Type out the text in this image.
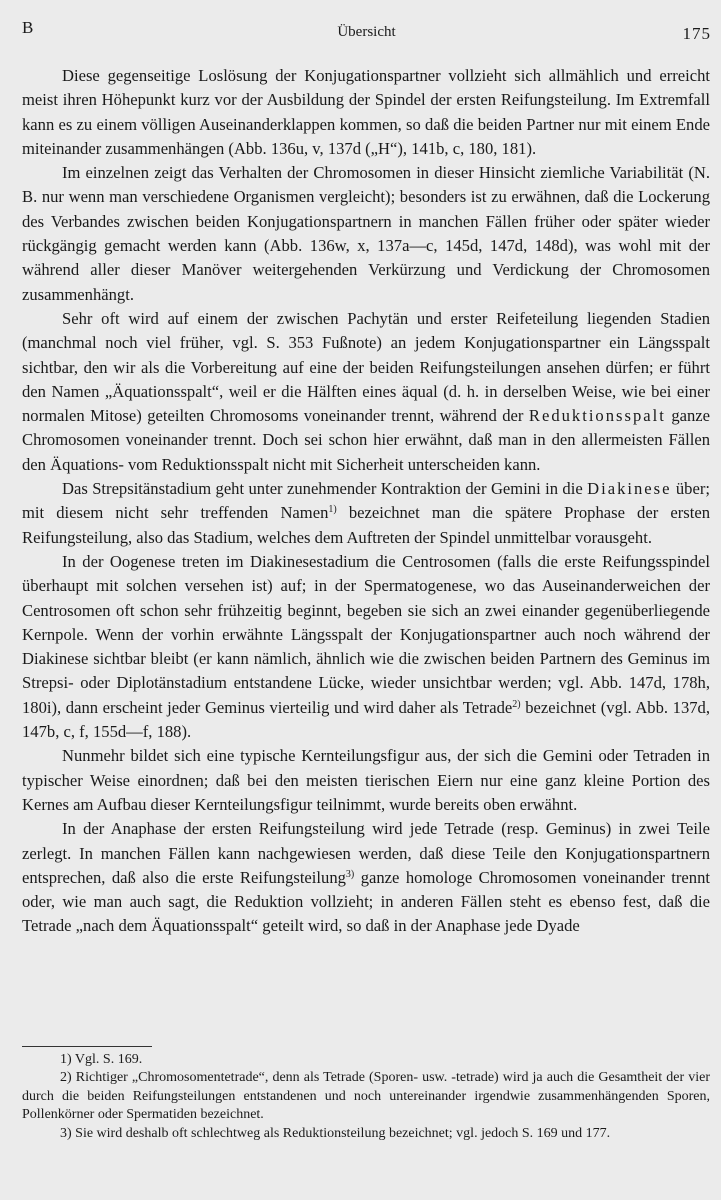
B	Übersicht	175

Diese gegenseitige Loslösung der Konjugationspartner vollzieht sich allmählich und erreicht meist ihren Höhepunkt kurz vor der Ausbildung der Spindel der ersten Reifungsteilung. Im Extremfall kann es zu einem völligen Auseinanderklappen kommen, so daß die beiden Partner nur mit einem Ende miteinander zusammenhängen (Abb. 136u, v, 137d („H“), 141b, c, 180, 181).

Im einzelnen zeigt das Verhalten der Chromosomen in dieser Hinsicht ziemliche Variabilität (N. B. nur wenn man verschiedene Organismen vergleicht); besonders ist zu erwähnen, daß die Lockerung des Verbandes zwischen beiden Konjugationspartnern in manchen Fällen früher oder später wieder rückgängig gemacht werden kann (Abb. 136w, x, 137a—c, 145d, 147d, 148d), was wohl mit der während aller dieser Manöver weitergehenden Verkürzung und Verdickung der Chromosomen zusammenhängt.

Sehr oft wird auf einem der zwischen Pachytän und erster Reifeteilung liegenden Stadien (manchmal noch viel früher, vgl. S. 353 Fußnote) an jedem Konjugationspartner ein Längsspalt sichtbar, den wir als die Vorbereitung auf eine der beiden Reifungsteilungen ansehen dürfen; er führt den Namen „Äquationsspalt“, weil er die Hälften eines äqual (d. h. in derselben Weise, wie bei einer normalen Mitose) geteilten Chromosoms voneinander trennt, während der Reduktionsspalt ganze Chromosomen voneinander trennt. Doch sei schon hier erwähnt, daß man in den allermeisten Fällen den Äquations- vom Reduktionsspalt nicht mit Sicherheit unterscheiden kann.

Das Strepsitänstadium geht unter zunehmender Kontraktion der Gemini in die Diakinese über; mit diesem nicht sehr treffenden Namen$^{1)}$ bezeichnet man die spätere Prophase der ersten Reifungsteilung, also das Stadium, welches dem Auftreten der Spindel unmittelbar vorausgeht.

In der Oogenese treten im Diakinesestadium die Centrosomen (falls die erste Reifungsspindel überhaupt mit solchen versehen ist) auf; in der Spermatogenese, wo das Auseinanderweichen der Centrosomen oft schon sehr frühzeitig beginnt, begeben sie sich an zwei einander gegenüberliegende Kernpole. Wenn der vorhin erwähnte Längsspalt der Konjugationspartner auch noch während der Diakinese sichtbar bleibt (er kann nämlich, ähnlich wie die zwischen beiden Partnern des Geminus im Strepsi- oder Diplotänstadium entstandene Lücke, wieder unsichtbar werden; vgl. Abb. 147d, 178h, 180i), dann erscheint jeder Geminus vierteilig und wird daher als Tetrade$^{2)}$ bezeichnet (vgl. Abb. 137d, 147b, c, f, 155d—f, 188).

Nunmehr bildet sich eine typische Kernteilungsfigur aus, der sich die Gemini oder Tetraden in typischer Weise einordnen; daß bei den meisten tierischen Eiern nur eine ganz kleine Portion des Kernes am Aufbau dieser Kernteilungsfigur teilnimmt, wurde bereits oben erwähnt.

In der Anaphase der ersten Reifungsteilung wird jede Tetrade (resp. Geminus) in zwei Teile zerlegt. In manchen Fällen kann nachgewiesen werden, daß diese Teile den Konjugationspartnern entsprechen, daß also die erste Reifungsteilung$^{3)}$ ganze homologe Chromosomen voneinander trennt oder, wie man auch sagt, die Reduktion vollzieht; in anderen Fällen steht es ebenso fest, daß die Tetrade „nach dem Äquationsspalt“ geteilt wird, so daß in der Anaphase jede Dyade

1) Vgl. S. 169.

2) Richtiger „Chromosomentetrade“, denn als Tetrade (Sporen- usw. -tetrade) wird ja auch die Gesamtheit der vier durch die beiden Reifungsteilungen entstandenen und noch untereinander irgendwie zusammenhängenden Sporen, Pollenkörner oder Spermatiden bezeichnet.

3) Sie wird deshalb oft schlechtweg als Reduktionsteilung bezeichnet; vgl. jedoch S. 169 und 177.
